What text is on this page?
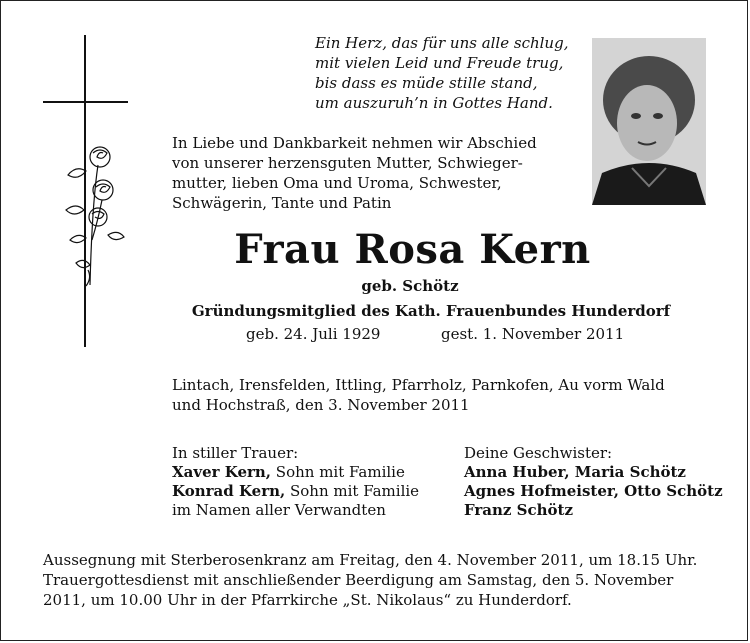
Ein Herz, das für uns alle schlug,
mit vielen Leid und Freude trug,
bis dass es müde stille stand,
um auszuruh’n in Gottes Hand.
In Liebe und Dankbarkeit nehmen wir Abschied
von unserer herzensguten Mutter, Schwieger-
mutter, lieben Oma und Uroma, Schwester,
Schwägerin, Tante und Patin
Frau Rosa Kern
geb. Schötz
Gründungsmitglied des Kath. Frauenbundes Hunderdorf
geb. 24. Juli 1929	gest. 1. November 2011
Lintach, Irensfelden, Ittling, Pfarrholz, Parnkofen, Au vorm Wald
und Hochstraß, den 3. November 2011
In stiller Trauer:
Xaver Kern, Sohn mit Familie
Konrad Kern, Sohn mit Familie
im Namen aller Verwandten
Deine Geschwister:
Anna Huber, Maria Schötz
Agnes Hofmeister, Otto Schötz
Franz Schötz
Aussegnung mit Sterberosenkranz am Freitag, den 4. November 2011, um 18.15 Uhr.
Trauergottesdienst mit anschließender Beerdigung am Samstag, den 5. November
2011, um 10.00 Uhr in der Pfarrkirche „St. Nikolaus“ zu Hunderdorf.
